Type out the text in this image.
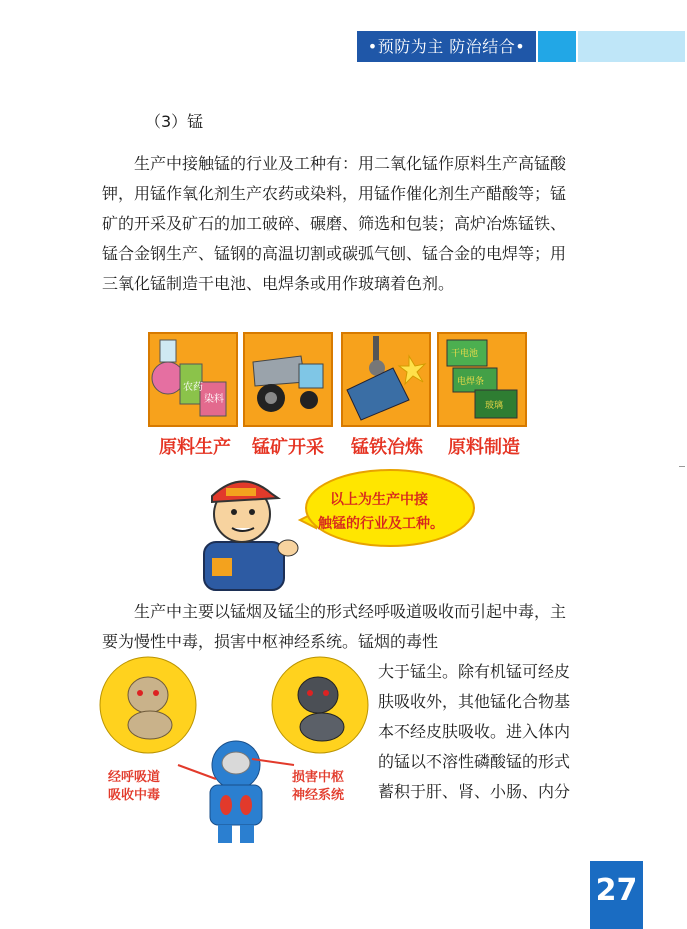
•预防为主 防治结合•
（3）锰

生产中接触锰的行业及工种有：用二氧化锰作原料生产高锰酸钾，用锰作氧化剂生产农药或染料，用锰作催化剂生产醋酸等；锰矿的开采及矿石的加工破碎、碾磨、筛选和包装；高炉冶炼锰铁、锰合金钢生产、锰钢的高温切割或碳弧气刨、锰合金的电焊等；用三氧化锰制造干电池、电焊条或用作玻璃着色剂。

农药
染料
干电池
电焊条
玻璃
原料生产	锰矿开采	锰铁冶炼	原料制造
以上为生产中接
触锰的行业及工种。

生产中主要以锰烟及锰尘的形式经呼吸道吸收而引起中毒，主要为慢性中毒，损害中枢神经系统。锰烟的毒性

经呼吸道
吸收中毒
损害中枢
神经系统

大于锰尘。除有机锰可经皮肤吸收外，其他锰化合物基本不经皮肤吸收。进入体内的锰以不溶性磷酸锰的形式蓄积于肝、肾、小肠、内分

27
